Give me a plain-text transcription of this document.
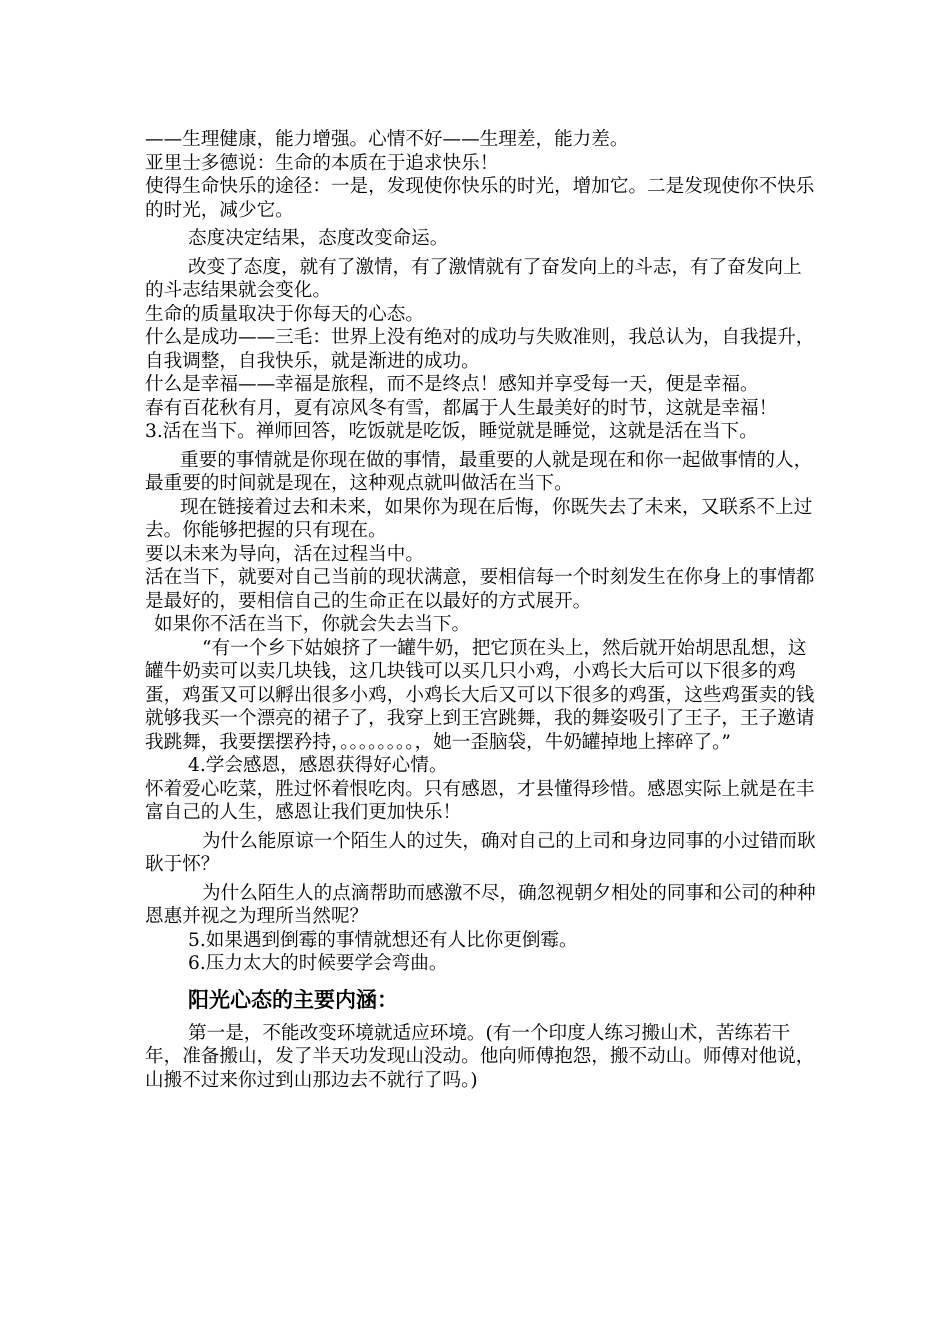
——生理健康，能力增强。心情不好——生理差，能力差。

亚里士多德说：生命的本质在于追求快乐！

使得生命快乐的途径：一是，发现使你快乐的时光，增加它。二是发现使你不快乐的时光，减少它。

态度决定结果，态度改变命运。

改变了态度，就有了激情，有了激情就有了奋发向上的斗志，有了奋发向上的斗志结果就会变化。

生命的质量取决于你每天的心态。

什么是成功——三毛：世界上没有绝对的成功与失败准则，我总认为，自我提升，自我调整，自我快乐，就是渐进的成功。

什么是幸福——幸福是旅程，而不是终点！感知并享受每一天，便是幸福。

春有百花秋有月，夏有凉风冬有雪，都属于人生最美好的时节，这就是幸福！

3.活在当下。禅师回答，吃饭就是吃饭，睡觉就是睡觉，这就是活在当下。

重要的事情就是你现在做的事情，最重要的人就是现在和你一起做事情的人，最重要的时间就是现在，这种观点就叫做活在当下。

现在链接着过去和未来，如果你为现在后悔，你既失去了未来，又联系不上过去。你能够把握的只有现在。

要以未来为导向，活在过程当中。

活在当下，就要对自己当前的现状满意，要相信每一个时刻发生在你身上的事情都是最好的，要相信自己的生命正在以最好的方式展开。

如果你不活在当下，你就会失去当下。

“有一个乡下姑娘挤了一罐牛奶，把它顶在头上，然后就开始胡思乱想，这罐牛奶卖可以卖几块钱，这几块钱可以买几只小鸡，小鸡长大后可以下很多的鸡蛋，鸡蛋又可以孵出很多小鸡，小鸡长大后又可以下很多的鸡蛋，这些鸡蛋卖的钱就够我买一个漂亮的裙子了，我穿上到王宫跳舞，我的舞姿吸引了王子，王子邀请我跳舞，我要摆摆矜持，。。。。。。。。，她一歪脑袋，牛奶罐掉地上摔碎了。”

4.学会感恩，感恩获得好心情。

怀着爱心吃菜，胜过怀着恨吃肉。只有感恩，才县懂得珍惜。感恩实际上就是在丰富自己的人生，感恩让我们更加快乐！

为什么能原谅一个陌生人的过失，确对自己的上司和身边同事的小过错而耿耿于怀？

为什么陌生人的点滴帮助而感激不尽，确忽视朝夕相处的同事和公司的种种恩惠并视之为理所当然呢？

5.如果遇到倒霉的事情就想还有人比你更倒霉。

6.压力太大的时候要学会弯曲。

阳光心态的主要内涵：

第一是，不能改变环境就适应环境。(有一个印度人练习搬山术，苦练若干年，准备搬山，发了半天功发现山没动。他向师傅抱怨，搬不动山。师傅对他说，山搬不过来你过到山那边去不就行了吗。)
